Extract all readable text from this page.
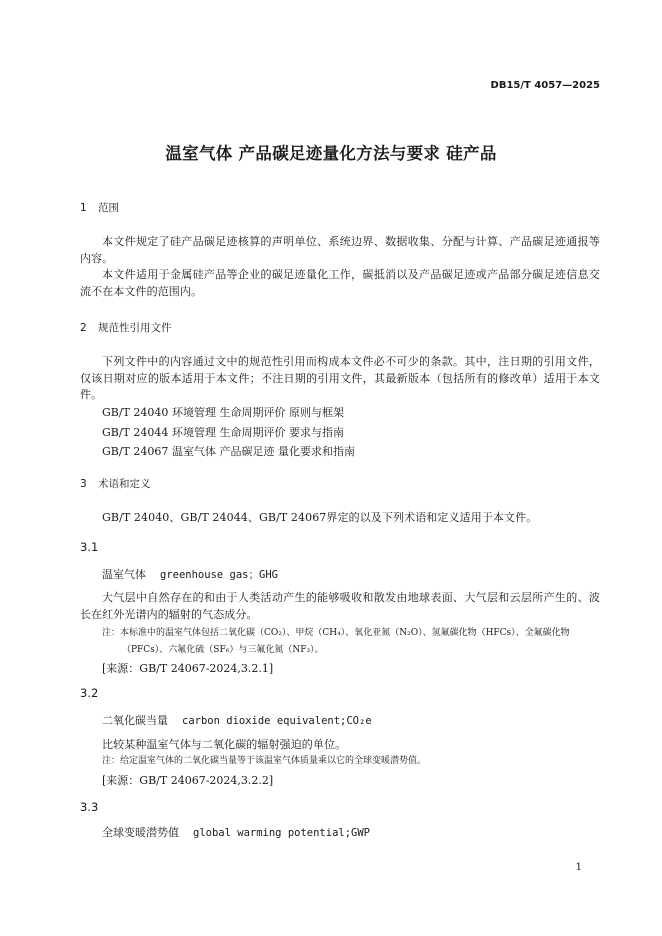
DB15/T 4057—2025
温室气体 产品碳足迹量化方法与要求 硅产品
1 范围
本文件规定了硅产品碳足迹核算的声明单位、系统边界、数据收集、分配与计算、产品碳足迹通报等内容。
本文件适用于金属硅产品等企业的碳足迹量化工作，碳抵消以及产品碳足迹或产品部分碳足迹信息交流不在本文件的范围内。
2 规范性引用文件
下列文件中的内容通过文中的规范性引用而构成本文件必不可少的条款。其中，注日期的引用文件，仅该日期对应的版本适用于本文件；不注日期的引用文件，其最新版本（包括所有的修改单）适用于本文件。
GB/T 24040 环境管理 生命周期评价 原则与框架
GB/T 24044 环境管理 生命周期评价 要求与指南
GB/T 24067 温室气体 产品碳足迹 量化要求和指南
3 术语和定义
GB/T 24040、GB/T 24044、GB/T 24067界定的以及下列术语和定义适用于本文件。
3.1
温室气体 greenhouse gas；GHG
大气层中自然存在的和由于人类活动产生的能够吸收和散发由地球表面、大气层和云层所产生的、波长在红外光谱内的辐射的气态成分。
注：本标准中的温室气体包括二氧化碳（CO₂）、甲烷（CH₄）、氧化亚氮（N₂O）、氢氟碳化物（HFCs）、全氟碳化物
（PFCs）、六氟化硫（SF₆）与三氟化氮（NF₃）。
[来源：GB/T 24067-2024,3.2.1]
3.2
二氧化碳当量 carbon dioxide equivalent;CO₂e
比较某种温室气体与二氧化碳的辐射强迫的单位。
注：给定温室气体的二氧化碳当量等于该温室气体质量乘以它的全球变暖潜势值。
[来源：GB/T 24067-2024,3.2.2]
3.3
全球变暖潜势值 global warming potential;GWP
1
